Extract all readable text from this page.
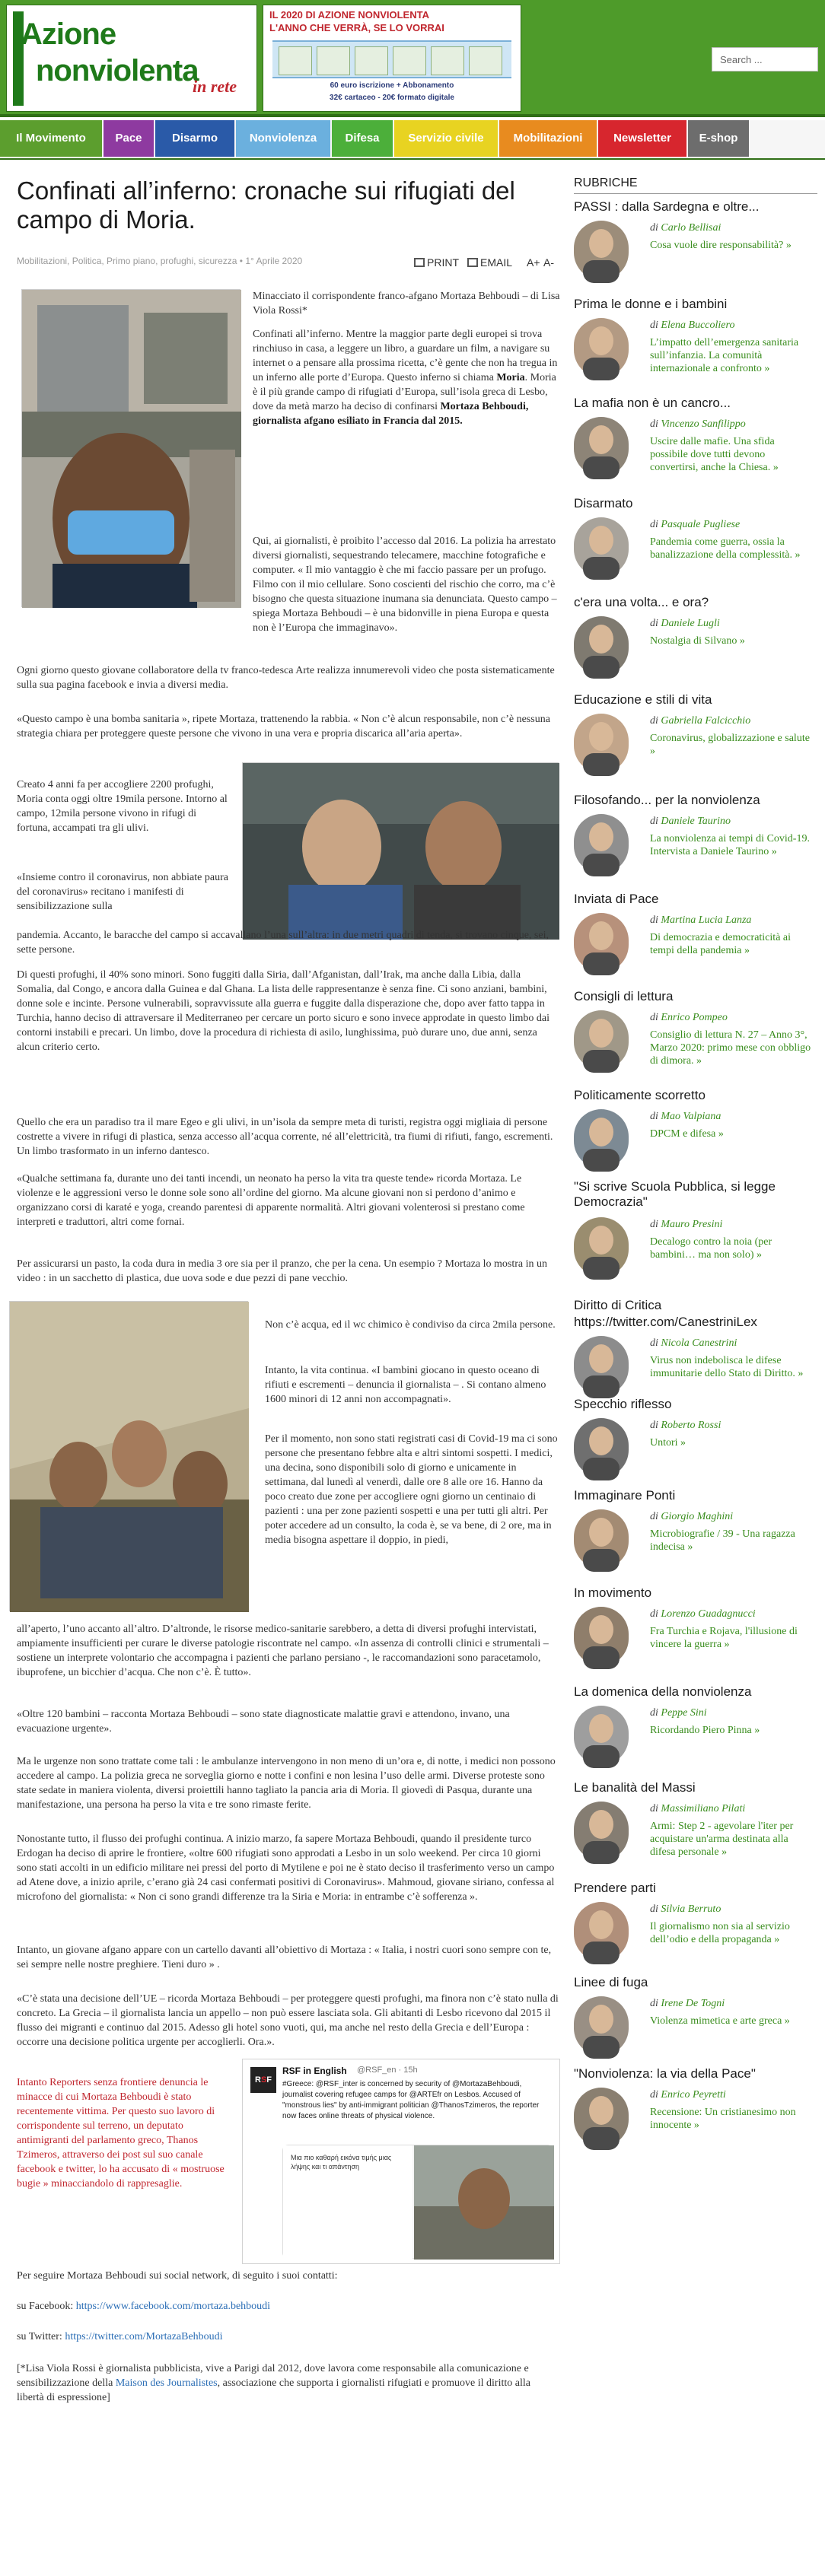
Azione
nonviolenta
in rete
IL 2020 DI AZIONE NONVIOLENTA
L'ANNO CHE VERRÀ, SE LO VORRAI
60 euro iscrizione + Abbonamento
32€ cartaceo - 20€ formato digitale
Search ...
Il Movimento	Pace	Disarmo	Nonviolenza	Difesa	Servizio civile	Mobilitazioni	Newsletter	E-shop
Confinati all’inferno: cronache sui rifugiati del campo di Moria.
Mobilitazioni, Politica, Primo piano, profughi, sicurezza • 1° Aprile 2020	PRINT	EMAIL A+ A-
Minacciato il corrispondente franco-afgano Mortaza Behboudi – di Lisa Viola Rossi*
Confinati all’inferno. Mentre la maggior parte degli europei si trova rinchiuso in casa, a leggere un libro, a guardare un film, a navigare su internet o a pensare alla prossima ricetta, c’è gente che non ha tregua in un inferno alle porte d’Europa. Questo inferno si chiama Moria. Moria è il più grande campo di rifugiati d’Europa, sull’isola greca di Lesbo, dove da metà marzo ha deciso di confinarsi Mortaza Behboudi, giornalista afgano esiliato in Francia dal 2015.
Qui, ai giornalisti, è proibito l’accesso dal 2016. La polizia ha arrestato diversi giornalisti, sequestrando telecamere, macchine fotografiche e computer. « Il mio vantaggio è che mi faccio passare per un profugo. Filmo con il mio cellulare. Sono coscienti del rischio che corro, ma c’è bisogno che questa situazione inumana sia denunciata. Questo campo – spiega Mortaza Behboudi – è una bidonville in piena Europa e questa non è l’Europa che immaginavo».
Ogni giorno questo giovane collaboratore della tv franco-tedesca Arte realizza innumerevoli video che posta sistematicamente sulla sua pagina facebook e invia a diversi media.
«Questo campo è una bomba sanitaria », ripete Mortaza, trattenendo la rabbia. « Non c’è alcun responsabile, non c’è nessuna strategia chiara per proteggere queste persone che vivono in una vera e propria discarica all’aria aperta».
Creato 4 anni fa per accogliere 2200 profughi, Moria conta oggi oltre 19mila persone. Intorno al campo, 12mila persone vivono in rifugi di fortuna, accampati tra gli ulivi.
«Insieme contro il coronavirus, non abbiate paura del coronavirus» recitano i manifesti di sensibilizzazione sulla
pandemia. Accanto, le baracche del campo si accavallano l’una sull’altra: in due metri quadri di tenda, si trovano cinque, sei, sette persone.
Di questi profughi, il 40% sono minori. Sono fuggiti dalla Siria, dall’Afganistan, dall’Irak, ma anche dalla Libia, dalla Somalia, dal Congo, e ancora dalla Guinea e dal Ghana. La lista delle rappresentanze è senza fine. Ci sono anziani, bambini, donne sole e incinte. Persone vulnerabili, sopravvissute alla guerra e fuggite dalla disperazione che, dopo aver fatto tappa in Turchia, hanno deciso di attraversare il Mediterraneo per cercare un porto sicuro e sono invece approdate in questo limbo dai contorni instabili e precari. Un limbo, dove la procedura di richiesta di asilo, lunghissima, può durare uno, due anni, senza alcun criterio certo.
Quello che era un paradiso tra il mare Egeo e gli ulivi, in un’isola da sempre meta di turisti, registra oggi migliaia di persone costrette a vivere in rifugi di plastica, senza accesso all’acqua corrente, né all’elettricità, tra fiumi di rifiuti, fango, escrementi. Un limbo trasformato in un inferno dantesco.
«Qualche settimana fa, durante uno dei tanti incendi, un neonato ha perso la vita tra queste tende» ricorda Mortaza. Le violenze e le aggressioni verso le donne sole sono all’ordine del giorno. Ma alcune giovani non si perdono d’animo e organizzano corsi di karaté e yoga, creando parentesi di apparente normalità. Altri giovani volenterosi si prestano come interpreti e traduttori, altri come fornai.
Per assicurarsi un pasto, la coda dura in media 3 ore sia per il pranzo, che per la cena. Un esempio ? Mortaza lo mostra in un video : in un sacchetto di plastica, due uova sode e due pezzi di pane vecchio.
Non c’è acqua, ed il wc chimico è condiviso da circa 2mila persone.
Intanto, la vita continua. «I bambini giocano in questo oceano di rifiuti e escrementi – denuncia il giornalista – . Si contano almeno 1600 minori di 12 anni non accompagnati».
Per il momento, non sono stati registrati casi di Covid-19 ma ci sono persone che presentano febbre alta e altri sintomi sospetti. I medici, una decina, sono disponibili solo di giorno e unicamente in settimana, dal lunedì al venerdì, dalle ore 8 alle ore 16. Hanno da poco creato due zone per accogliere ogni giorno un centinaio di pazienti : una per zone pazienti sospetti e una per tutti gli altri. Per poter accedere ad un consulto, la coda è, se va bene, di 2 ore, ma in media bisogna aspettare il doppio, in piedi,
all’aperto, l’uno accanto all’altro. D’altronde, le risorse medico-sanitarie sarebbero, a detta di diversi profughi intervistati, ampiamente insufficienti per curare le diverse patologie riscontrate nel campo. «In assenza di controlli clinici e strumentali – sostiene un interprete volontario che accompagna i pazienti che parlano persiano -, le raccomandazioni sono paracetamolo, ibuprofene, un bicchier d’acqua. Che non c’è. È tutto».
«Oltre 120 bambini – racconta Mortaza Behboudi – sono state diagnosticate malattie gravi e attendono, invano, una evacuazione urgente».
Ma le urgenze non sono trattate come tali : le ambulanze intervengono in non meno di un’ora e, di notte, i medici non possono accedere al campo. La polizia greca ne sorveglia giorno e notte i confini e non lesina l’uso delle armi. Diverse proteste sono state sedate in maniera violenta, diversi proiettili hanno tagliato la pancia aria di Moria. Il giovedì di Pasqua, durante una manifestazione, una persona ha perso la vita e tre sono rimaste ferite.
Nonostante tutto, il flusso dei profughi continua. A inizio marzo, fa sapere Mortaza Behboudi, quando il presidente turco Erdogan ha deciso di aprire le frontiere, «oltre 600 rifugiati sono approdati a Lesbo in un solo weekend. Per circa 10 giorni sono stati accolti in un edificio militare nei pressi del porto di Mytilene e poi ne è stato deciso il trasferimento verso un campo ad Atene dove, a inizio aprile, c’erano già 24 casi confermati positivi di Coronavirus». Mahmoud, giovane siriano, confessa al microfono del giornalista: « Non ci sono grandi differenze tra la Siria e Moria: in entrambe c’è sofferenza ».
Intanto, un giovane afgano appare con un cartello davanti all’obiettivo di Mortaza : « Italia, i nostri cuori sono sempre con te, sei sempre nelle nostre preghiere. Tieni duro » .
«C’è stata una decisione dell’UE – ricorda Mortaza Behboudi – per proteggere questi profughi, ma finora non c’è stato nulla di concreto. La Grecia – il giornalista lancia un appello – non può essere lasciata sola. Gli abitanti di Lesbo ricevono dal 2015 il flusso dei migranti e continuo dal 2015. Adesso gli hotel sono vuoti, qui, ma anche nel resto della Grecia e dell’Europa : occorre una decisione politica urgente per accoglierli. Ora.».
RSF
RSF in English @RSF_en · 15h
#Greece: @RSF_inter is concerned by security of @MortazaBehboudi, journalist covering refugee camps for @ARTEfr on Lesbos. Accused of "monstrous lies" by anti-immigrant politician @ThanosTzimeros, the reporter now faces online threats of physical violence.
Μια πιο καθαρή εικόνα τιμής μιας λήψης και τι απάντηση
Intanto Reporters senza frontiere denuncia le minacce di cui Mortaza Behboudi è stato recentemente vittima. Per questo suo lavoro di corrispondente sul terreno, un deputato antimigranti del parlamento greco, Thanos Tzimeros, attraverso dei post sul suo canale facebook e twitter, lo ha accusato di « mostruose bugie » minacciandolo di rappresaglie.
Per seguire Mortaza Behboudi sui social network, di seguito i suoi contatti:
su Facebook: https://www.facebook.com/mortaza.behboudi
su Twitter: https://twitter.com/MortazaBehboudi
[*Lisa Viola Rossi è giornalista pubblicista, vive a Parigi dal 2012, dove lavora come responsabile alla comunicazione e sensibilizzazione della Maison des Journalistes, associazione che supporta i giornalisti rifugiati e promuove il diritto alla libertà di espressione]
RUBRICHE
PASSI : dalla Sardegna e oltre...
di Carlo Bellisai
Cosa vuole dire responsabilità? »
Prima le donne e i bambini
di Elena Buccoliero
L’impatto dell’emergenza sanitaria sull’infanzia. La comunità internazionale a confronto »
La mafia non è un cancro...
di Vincenzo Sanfilippo
Uscire dalle mafie. Una sfida possibile dove tutti devono convertirsi, anche la Chiesa. »
Disarmato
di Pasquale Pugliese
Pandemia come guerra, ossia la banalizzazione della complessità. »
c'era una volta... e ora?
di Daniele Lugli
Nostalgia di Silvano »
Educazione e stili di vita
di Gabriella Falcicchio
Coronavirus, globalizzazione e salute »
Filosofando... per la nonviolenza
di Daniele Taurino
La nonviolenza ai tempi di Covid-19. Intervista a Daniele Taurino »
Inviata di Pace
di Martina Lucia Lanza
Di democrazia e democraticità ai tempi della pandemia »
Consigli di lettura
di Enrico Pompeo
Consiglio di lettura N. 27 – Anno 3°, Marzo 2020: primo mese con obbligo di dimora. »
Politicamente scorretto
di Mao Valpiana
DPCM e difesa »
"Si scrive Scuola Pubblica, si legge Democrazia"
di Mauro Presini
Decalogo contro la noia (per bambini… ma non solo) »
Diritto di Critica
https://twitter.com/CanestriniLex
di Nicola Canestrini
Virus non indebolisca le difese immunitarie dello Stato di Diritto. »
Specchio riflesso
di Roberto Rossi
Untori »
Immaginare Ponti
di Giorgio Maghini
Microbiografie / 39 - Una ragazza indecisa »
In movimento
di Lorenzo Guadagnucci
Fra Turchia e Rojava, l'illusione di vincere la guerra »
La domenica della nonviolenza
di Peppe Sini
Ricordando Piero Pinna »
Le banalità del Massi
di Massimiliano Pilati
Armi: Step 2 - agevolare l'iter per acquistare un'arma destinata alla difesa personale »
Prendere parti
di Silvia Berruto
Il giornalismo non sia al servizio dell’odio e della propaganda »
Linee di fuga
di Irene De Togni
Violenza mimetica e arte greca »
"Nonviolenza: la via della Pace"
di Enrico Peyretti
Recensione: Un cristianesimo non innocente »
